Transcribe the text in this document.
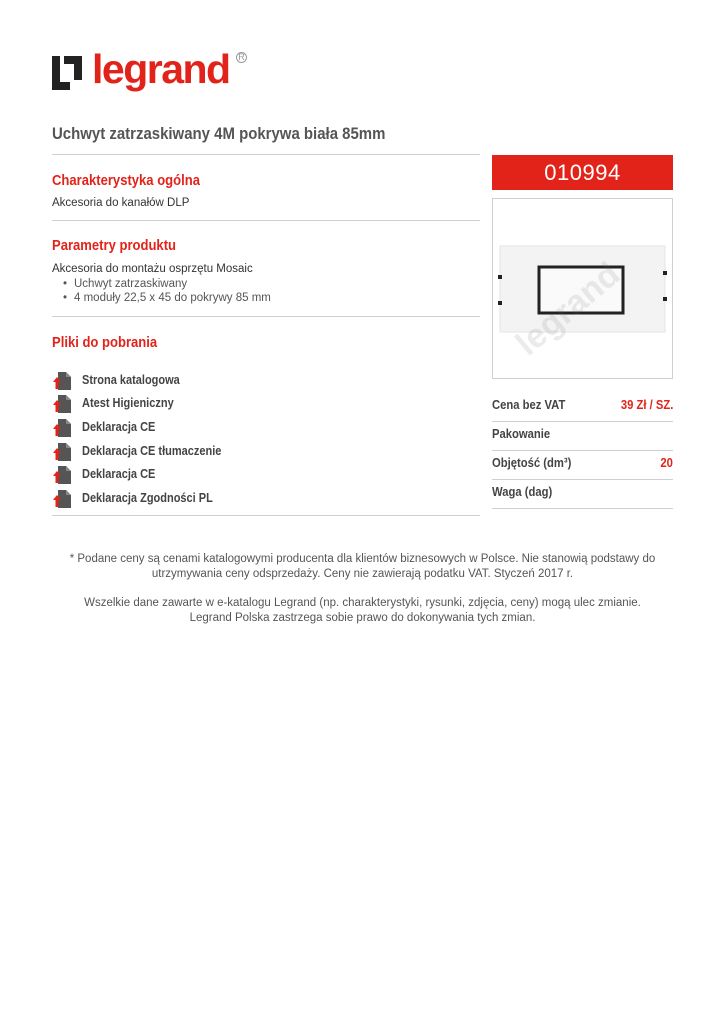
legrand R
Uchwyt zatrzaskiwany 4M pokrywa biała 85mm
Charakterystyka ogólna
Akcesoria do kanałów DLP
Parametry produktu
Akcesoria do montażu osprzętu Mosaic
• Uchwyt zatrzaskiwany
• 4 moduły 22,5 x 45 do pokrywy 85 mm
Pliki do pobrania
Strona katalogowa
Atest Higieniczny
Deklaracja CE
Deklaracja CE tłumaczenie
Deklaracja CE
Deklaracja Zgodności PL
010994
legrand
Cena bez VAT	39 Zł / SZ.
Pakowanie
Objętość (dm³)	20
Waga (dag)
* Podane ceny są cenami katalogowymi producenta dla klientów biznesowych w Polsce. Nie stanowią podstawy do
utrzymywania ceny odsprzedaży. Ceny nie zawierają podatku VAT. Styczeń 2017 r.
Wszelkie dane zawarte w e-katalogu Legrand (np. charakterystyki, rysunki, zdjęcia, ceny) mogą ulec zmianie.
Legrand Polska zastrzega sobie prawo do dokonywania tych zmian.
